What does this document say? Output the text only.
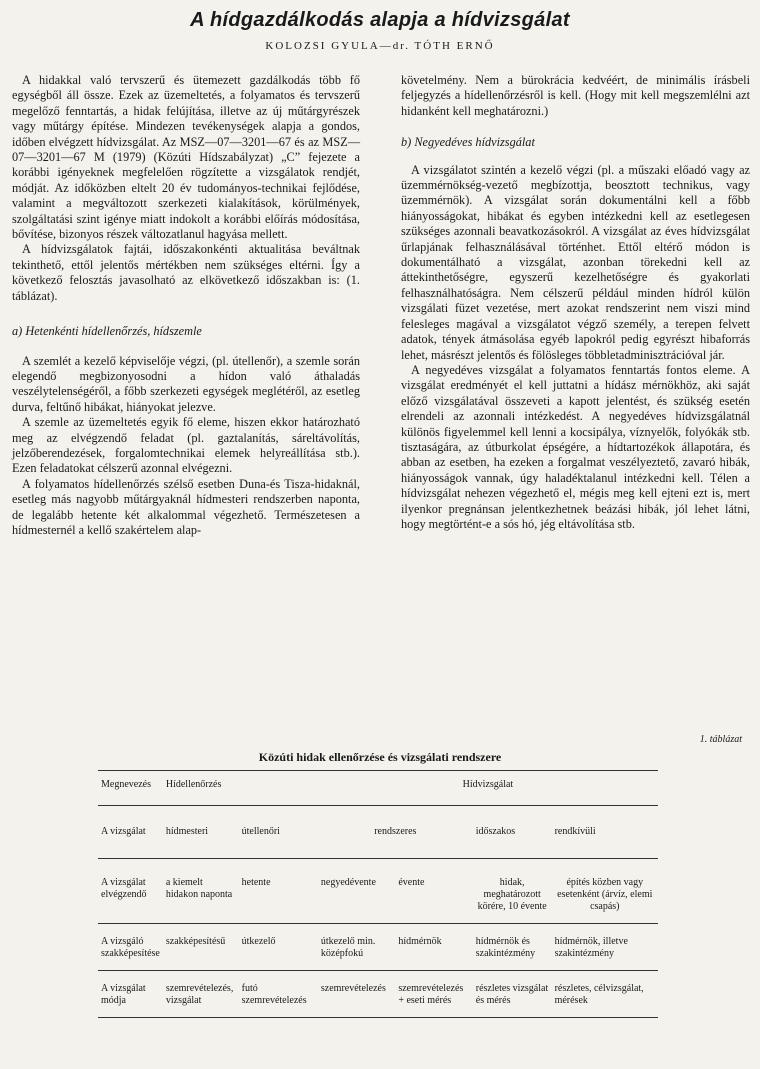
A hídgazdálkodás alapja a hídvizsgálat
KOLOZSI GYULA—dr. TÓTH ERNŐ

A hidakkal való tervszerű és ütemezett gazdálkodás több fő egységből áll össze. Ezek az üzemeltetés, a folyamatos és tervszerű megelőző fenntartás, a hidak felújítása, illetve az új műtárgyrészek vagy műtárgy építése. Mindezen tevékenységek alapja a gondos, időben elvégzett hídvizsgálat. Az MSZ—07—3201—67 és az MSZ—07—3201—67 M (1979) (Közúti Hídszabályzat) „C” fejezete a korábbi igényeknek megfelelően rögzítette a vizsgálatok rendjét, módját. Az időközben eltelt 20 év tudományos-technikai fejlődése, valamint a megváltozott szerkezeti kialakítások, körülmények, szolgáltatási szint igénye miatt indokolt a korábbi előírás módosítása, bővítése, bizonyos részek változatlanul hagyása mellett.

A hídvizsgálatok fajtái, időszakonkénti aktualitása beváltnak tekinthető, ettől jelentős mértékben nem szükséges eltérni. Így a következő felosztás javasolható az elkövetkező időszakban is: (1. táblázat).

a) Hetenkénti hídellenőrzés, hídszemle

A szemlét a kezelő képviselője végzi, (pl. útellenőr), a szemle során elegendő megbizonyosodni a hídon való áthaladás veszélytelenségéről, a főbb szerkezeti egységek meglétéről, az esetleg durva, feltűnő hibákat, hiányokat jelezve.

A szemle az üzemeltetés egyik fő eleme, hiszen ekkor határozható meg az elvégzendő feladat (pl. gaztalanítás, sáreltávolítás, jelzőberendezések, forgalomtechnikai elemek helyreállítása stb.). Ezen feladatokat célszerű azonnal elvégezni.

A folyamatos hídellenőrzés szélső esetben Duna-és Tisza-hidaknál, esetleg más nagyobb műtárgyaknál hídmesteri rendszerben naponta, de legalább hetente két alkalommal végezhető. Természetesen a hídmesternél a kellő szakértelem alap-

követelmény. Nem a bürokrácia kedvéért, de minimális írásbeli feljegyzés a hídellenőrzésről is kell. (Hogy mit kell megszemlélni azt hidanként kell meghatározni.)

b) Negyedéves hídvizsgálat

A vizsgálatot szintén a kezelő végzi (pl. a műszaki előadó vagy az üzemmérnökség-vezető megbízottja, beosztott technikus, vagy üzemmérnök). A vizsgálat során dokumentálni kell a főbb hiányosságokat, hibákat és egyben intézkedni kell az esetlegesen szükséges azonnali beavatkozásokról. A vizsgálat az éves hídvizsgálat űrlapjának felhasználásával történhet. Ettől eltérő módon is dokumentálható a vizsgálat, azonban törekedni kell az áttekinthetőségre, egyszerű kezelhetőségre és gyakorlati felhasználhatóságra. Nem célszerű például minden hídról külön vizsgálati füzet vezetése, mert azokat rendszerint nem viszi mind felesleges magával a vizsgálatot végző személy, a terepen felvett adatok, tények átmásolása egyéb lapokról pedig egyrészt hibaforrás lehet, másrészt jelentős és fölösleges többletadminisztrációval jár.

A negyedéves vizsgálat a folyamatos fenntartás fontos eleme. A vizsgálat eredményét el kell juttatni a hídász mérnökhöz, aki saját előző vizsgálatával összeveti a kapott jelentést, és szükség esetén elrendeli az azonnali intézkedést. A negyedéves hídvizsgálatnál különös figyelemmel kell lenni a kocsipálya, víznyelők, folyókák stb. tisztaságára, az útburkolat épségére, a hídtartozékok állapotára, és abban az esetben, ha ezeken a forgalmat veszélyeztető, zavaró hibák, hiányosságok vannak, úgy haladéktalanul intézkedni kell. Télen a hídvizsgálat nehezen végezhető el, mégis meg kell ejteni ezt is, mert ilyenkor pregnánsan jelentkezhetnek beázási hibák, jól lehet látni, hogy megtörtént-e a sós hó, jég eltávolítása stb.

1. táblázat
Közúti hidak ellenőrzése és vizsgálati rendszere
Megnevezés	Hídellenőrzés		Hídvizsgálat			
A vizsgálat	hídmesteri	útellenőri	rendszeres		időszakos	rendkívüli
A vizsgálat elvégzendő	a kiemelt hidakon naponta	hetente	negyedévente	évente	hidak, meghatározott körére, 10 évente	építés közben vagy esetenként (árvíz, elemi csapás)
A vizsgáló szakképesítése	szakképesítésű	útkezelő	útkezelő min. középfokú	hídmérnök	hídmérnök és szakintézmény	hídmérnök, illetve szakintézmény
A vizsgálat módja	szemrevételezés, vizsgálat	futó szemrevételezés	szemrevételezés	szemrevételezés + eseti mérés	részletes vizsgálat és mérés	részletes, célvizsgálat, mérések
